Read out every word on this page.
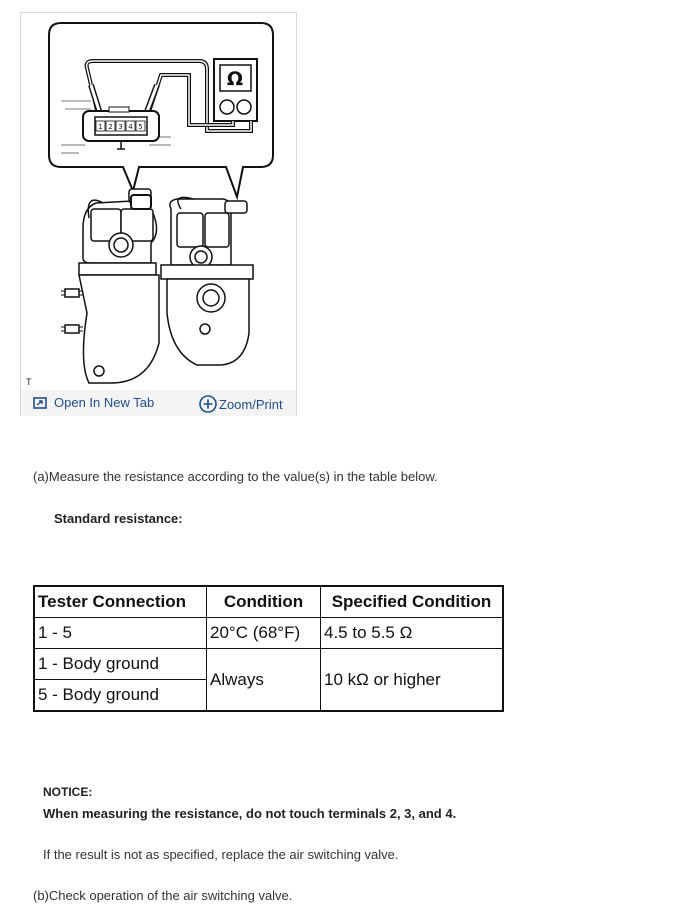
Ω
1 2 3 4 5
T
Open In New Tab	Zoom/Print
(a)Measure the resistance according to the value(s) in the table below.
Standard resistance:
Tester Connection	Condition	Specified Condition
1 - 5	20°C (68°F)	4.5 to 5.5 Ω
1 - Body ground	Always	10 kΩ or higher
5 - Body ground		
NOTICE:
When measuring the resistance, do not touch terminals 2, 3, and 4.
If the result is not as specified, replace the air switching valve.
(b)Check operation of the air switching valve.
